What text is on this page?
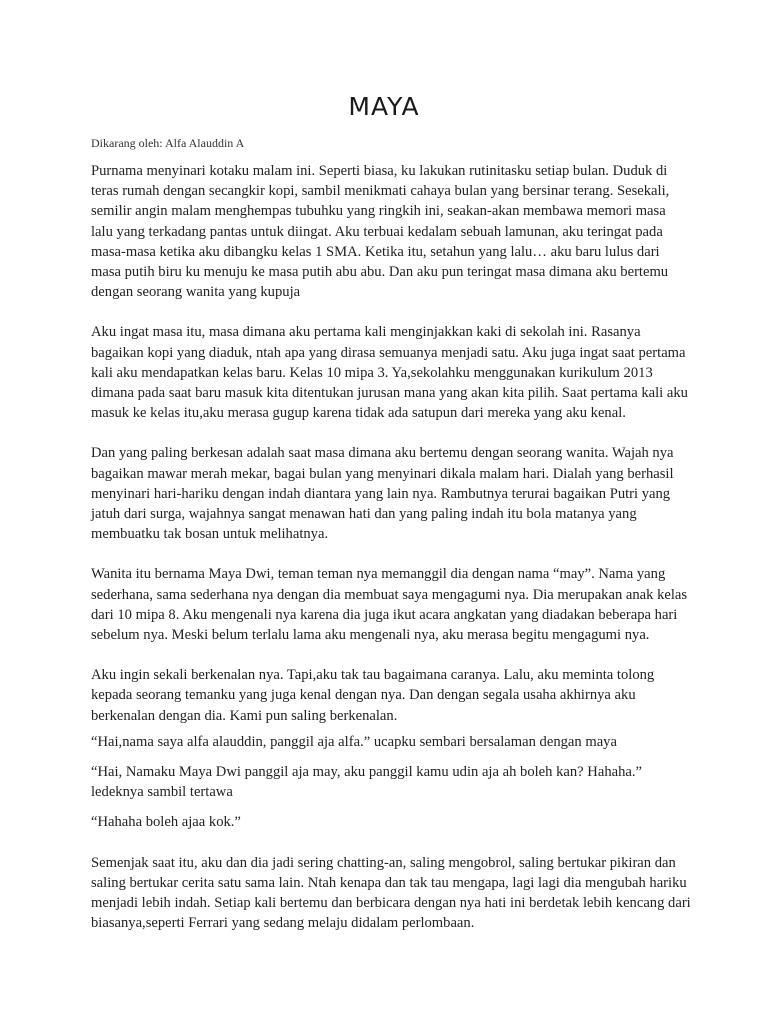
MAYA
Dikarang oleh: Alfa Alauddin A

Purnama menyinari kotaku malam ini. Seperti biasa, ku lakukan rutinitasku setiap bulan. Duduk di teras rumah dengan secangkir kopi, sambil menikmati cahaya bulan yang bersinar terang. Sesekali, semilir angin malam menghempas tubuhku yang ringkih ini, seakan-akan membawa memori masa lalu yang terkadang pantas untuk diingat. Aku terbuai kedalam sebuah lamunan, aku teringat pada masa-masa ketika aku dibangku kelas 1 SMA. Ketika itu, setahun yang lalu… aku baru lulus dari masa putih biru ku menuju ke masa putih abu abu. Dan aku pun teringat masa dimana aku bertemu dengan seorang wanita yang kupuja

Aku ingat masa itu, masa dimana aku pertama kali menginjakkan kaki di sekolah ini. Rasanya bagaikan kopi yang diaduk, ntah apa yang dirasa semuanya menjadi satu. Aku juga ingat saat pertama kali aku mendapatkan kelas baru. Kelas 10 mipa 3. Ya,sekolahku menggunakan kurikulum 2013 dimana pada saat baru masuk kita ditentukan jurusan mana yang akan kita pilih. Saat pertama kali aku masuk ke kelas itu,aku merasa gugup karena tidak ada satupun dari mereka yang aku kenal.

Dan yang paling berkesan adalah saat masa dimana aku bertemu dengan seorang wanita. Wajah nya bagaikan mawar merah mekar, bagai bulan yang menyinari dikala malam hari. Dialah yang berhasil menyinari hari-hariku dengan indah diantara yang lain nya. Rambutnya terurai bagaikan Putri yang jatuh dari surga, wajahnya sangat menawan hati dan yang paling indah itu bola matanya yang membuatku tak bosan untuk melihatnya.

Wanita itu bernama Maya Dwi, teman teman nya memanggil dia dengan nama “may”. Nama yang sederhana, sama sederhana nya dengan dia membuat saya mengagumi nya. Dia merupakan anak kelas dari 10 mipa 8. Aku mengenali nya karena dia juga ikut acara angkatan yang diadakan beberapa hari sebelum nya. Meski belum terlalu lama aku mengenali nya, aku merasa begitu mengagumi nya.

Aku ingin sekali berkenalan nya. Tapi,aku tak tau bagaimana caranya. Lalu, aku meminta tolong kepada seorang temanku yang juga kenal dengan nya. Dan dengan segala usaha akhirnya aku berkenalan dengan dia. Kami pun saling berkenalan.

“Hai,nama saya alfa alauddin, panggil aja alfa.” ucapku sembari bersalaman dengan maya

“Hai, Namaku Maya Dwi panggil aja may, aku panggil kamu udin aja ah boleh kan? Hahaha.” ledeknya sambil tertawa

“Hahaha boleh ajaa kok.”

Semenjak saat itu, aku dan dia jadi sering chatting-an, saling mengobrol, saling bertukar pikiran dan saling bertukar cerita satu sama lain. Ntah kenapa dan tak tau mengapa, lagi lagi dia mengubah hariku menjadi lebih indah. Setiap kali bertemu dan berbicara dengan nya hati ini berdetak lebih kencang dari biasanya,seperti Ferrari yang sedang melaju didalam perlombaan.
